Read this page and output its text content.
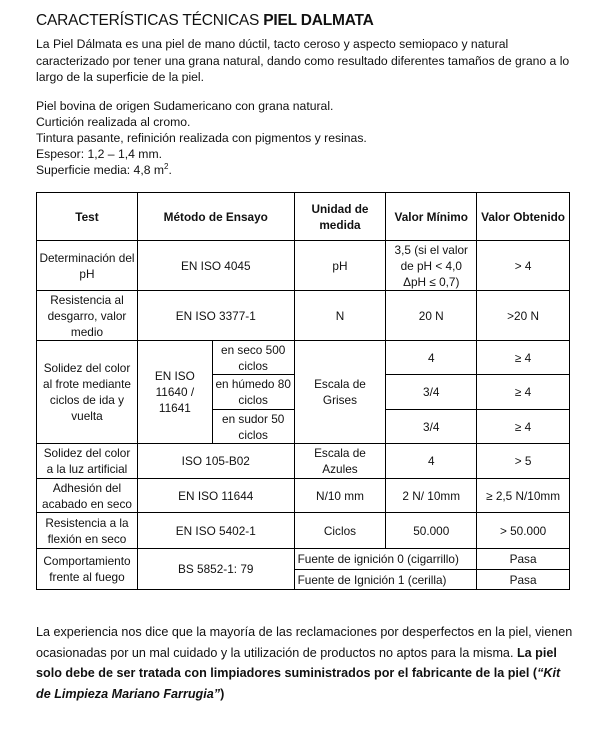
CARACTERÍSTICAS TÉCNICAS PIEL DALMATA
La Piel Dálmata es una piel de mano dúctil, tacto ceroso y aspecto semiopaco y natural caracterizado por tener una grana natural, dando como resultado diferentes tamaños de grano a lo largo de la superficie de la piel.
Piel bovina de origen Sudamericano con grana natural.
Curtición realizada al cromo.
Tintura pasante, refinición realizada con pigmentos y resinas.
Espesor: 1,2 – 1,4 mm.
Superficie media: 4,8 $m^2$.
Test	Método de Ensayo		Unidad de medida	Valor Mínimo	Valor Obtenido
Determinación del pH	EN ISO 4045		pH	3,5 (si el valor de pH < 4,0 ΔpH ≤ 0,7)	> 4
Resistencia al desgarro, valor medio	EN ISO 3377-1		N	20 N	>20 N
Solidez del color al frote mediante ciclos de ida y vuelta	EN ISO 11640 / 11641	en seco 500 ciclos	Escala de Grises	4	≥ 4
		en húmedo 80 ciclos		3/4	≥ 4
		en sudor 50 ciclos		3/4	≥ 4
Solidez del color a la luz artificial	ISO 105-B02		Escala de Azules	4	> 5
Adhesión del acabado en seco	EN ISO 11644		N/10 mm	2 N/ 10mm	≥ 2,5 N/10mm
Resistencia a la flexión en seco	EN ISO 5402-1		Ciclos	50.000	> 50.000
Comportamiento frente al fuego	BS 5852-1: 79		Fuente de ignición 0 (cigarrillo)		Pasa
			Fuente de Ignición 1 (cerilla)		Pasa
La experiencia nos dice que la mayoría de las reclamaciones por desperfectos en la piel, vienen ocasionadas por un mal cuidado y la utilización de productos no aptos para la misma. La piel solo debe de ser tratada con limpiadores suministrados por el fabricante de la piel (“Kit de Limpieza Mariano Farrugia”)
